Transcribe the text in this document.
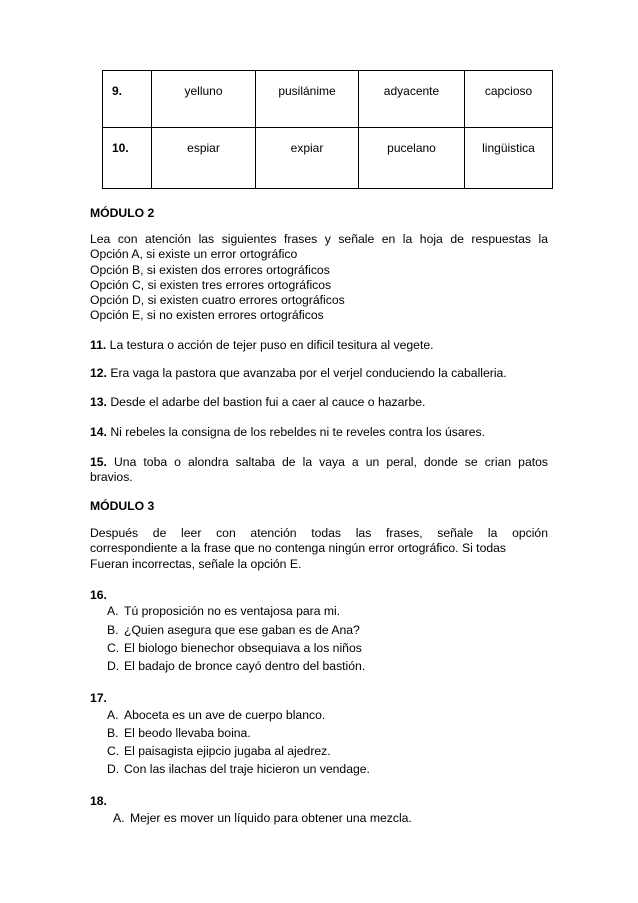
9.	yelluno	pusilánime	adyacente	capcioso
10.	espiar	expiar	pucelano	lingüistica
MÓDULO 2
Lea con atención las siguientes frases y señale en la hoja de respuestas la
Opción A, si existe un error ortográfico
Opción B, si existen dos errores ortográficos
Opción C, si existen tres errores ortográficos
Opción D, si existen cuatro errores ortográficos
Opción E, si no existen errores ortográficos
11. La testura o acción de tejer puso en dificil tesitura al vegete.
12. Era vaga la pastora que avanzaba por el verjel conduciendo la caballeria.
13. Desde el adarbe del bastion fui a caer al cauce o hazarbe.
14. Ni rebeles la consigna de los rebeldes ni te reveles contra los úsares.
15. Una toba o alondra saltaba de la vaya a un peral, donde se crian patos
bravios.
MÓDULO 3
Después de leer con atención todas las frases, señale la opción
correspondiente a la frase que no contenga ningún error ortográfico. Si todas
Fueran incorrectas, señale la opción E.
16.
A. Tú proposición no es ventajosa para mi.
B. ¿Quien asegura que ese gaban es de Ana?
C. El biologo bienechor obsequiava a los niños
D. El badajo de bronce cayó dentro del bastión.
17.
A. Aboceta es un ave de cuerpo blanco.
B. El beodo llevaba boina.
C. El paisagista ejipcio jugaba al ajedrez.
D. Con las ilachas del traje hicieron un vendage.
18.
A. Mejer es mover un líquido para obtener una mezcla.
